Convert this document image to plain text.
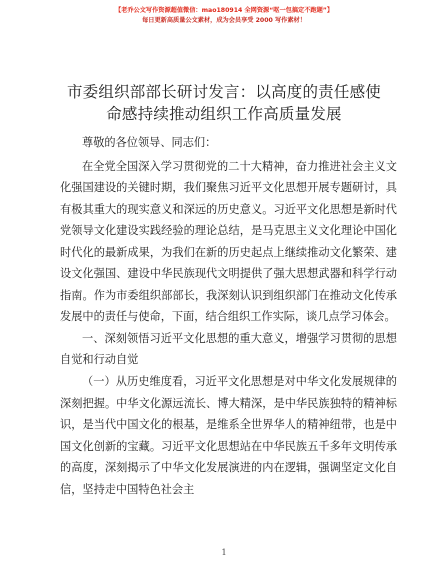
【老乔公文写作资源超值微信：mao180914 全网资源“呕一包搞定不跑题”】
每日更新高质量公文素材，成为会员享受 2000 写作素材！
市委组织部部长研讨发言：以高度的责任感使
命感持续推动组织工作高质量发展

尊敬的各位领导、同志们：

在全党全国深入学习贯彻党的二十大精神，奋力推进社会主义文化强国建设的关键时期，我们聚焦习近平文化思想开展专题研讨，具有极其重大的现实意义和深远的历史意义。习近平文化思想是新时代党领导文化建设实践经验的理论总结，是马克思主义文化理论中国化时代化的最新成果，为我们在新的历史起点上继续推动文化繁荣、建设文化强国、建设中华民族现代文明提供了强大思想武器和科学行动指南。作为市委组织部部长，我深刻认识到组织部门在推动文化传承发展中的责任与使命，下面，结合组织工作实际，谈几点学习体会。

一、深刻领悟习近平文化思想的重大意义，增强学习贯彻的思想自觉和行动自觉

（一）从历史维度看，习近平文化思想是对中华文化发展规律的深刻把握。中华文化源远流长、博大精深，是中华民族独特的精神标识，是当代中国文化的根基，是维系全世界华人的精神纽带，也是中国文化创新的宝藏。习近平文化思想站在中华民族五千多年文明传承的高度，深刻揭示了中华文化发展演进的内在逻辑，强调坚定文化自信，坚持走中国特色社会主

1
